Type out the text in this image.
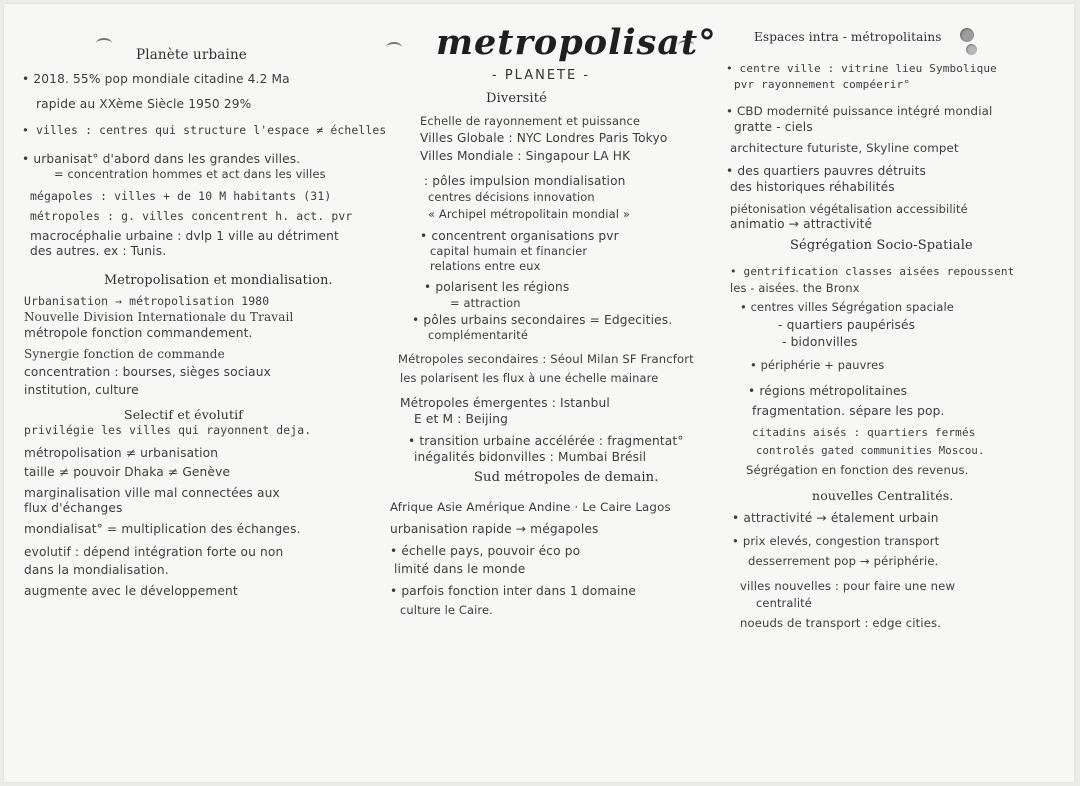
Planète urbaine
• 2018. 55% pop mondiale citadine 4.2 Ma
rapide au XXème Siècle 1950 29%
• villes : centres qui structure l'espace ≠ échelles
• urbanisat° d'abord dans les grandes villes.
= concentration hommes et act dans les villes
mégapoles : villes + de 10 M habitants (31)
métropoles : g. villes concentrent h. act. pvr
macrocéphalie urbaine : dvlp 1 ville au détriment
des autres. ex : Tunis.
Metropolisation et mondialisation.
Urbanisation → métropolisation 1980
Nouvelle Division Internationale du Travail
métropole fonction commandement.
Synergie fonction de commande
concentration : bourses, sièges sociaux
institution, culture
Selectif et évolutif
privilégie les villes qui rayonnent deja.
métropolisation ≠ urbanisation
taille ≠ pouvoir Dhaka ≠ Genève
marginalisation ville mal connectées aux
flux d'échanges
mondialisat° = multiplication des échanges.
evolutif : dépend intégration forte ou non
dans la mondialisation.
augmente avec le développement
metropolisat°
- PLANETE -
Diversité
Echelle de rayonnement et puissance
Villes Globale : NYC Londres Paris Tokyo
Villes Mondiale : Singapour LA HK
: pôles impulsion mondialisation
centres décisions innovation
« Archipel métropolitain mondial »
• concentrent organisations pvr
capital humain et financier
relations entre eux
• polarisent les régions
= attraction
• pôles urbains secondaires = Edgecities.
complémentarité
Métropoles secondaires : Séoul Milan SF Francfort
les polarisent les flux à une échelle mainare
Métropoles émergentes : Istanbul
E et M : Beijing
• transition urbaine accélérée : fragmentat°
inégalités bidonvilles : Mumbai Brésil
Sud métropoles de demain.
Afrique Asie Amérique Andine · Le Caire Lagos
urbanisation rapide → mégapoles
• échelle pays, pouvoir éco po
limité dans le monde
• parfois fonction inter dans 1 domaine
culture le Caire.
Espaces intra - métropolitains
• centre ville : vitrine lieu Symbolique
pvr rayonnement compéerir°
• CBD modernité puissance intégré mondial
gratte - ciels
architecture futuriste, Skyline compet
• des quartiers pauvres détruits
des historiques réhabilités
piétonisation végétalisation accessibilité
animatio → attractivité
Ségrégation Socio-Spatiale
• gentrification classes aisées repoussent
les - aisées. the Bronx
• centres villes Ségrégation spaciale
- quartiers paupérisés
- bidonvilles
• périphérie + pauvres
• régions métropolitaines
fragmentation. sépare les pop.
citadins aisés : quartiers fermés
controlés gated communities Moscou.
Ségrégation en fonction des revenus.
nouvelles Centralités.
• attractivité → étalement urbain
• prix elevés, congestion transport
desserrement pop → périphérie.
villes nouvelles : pour faire une new
centralité
noeuds de transport : edge cities.
